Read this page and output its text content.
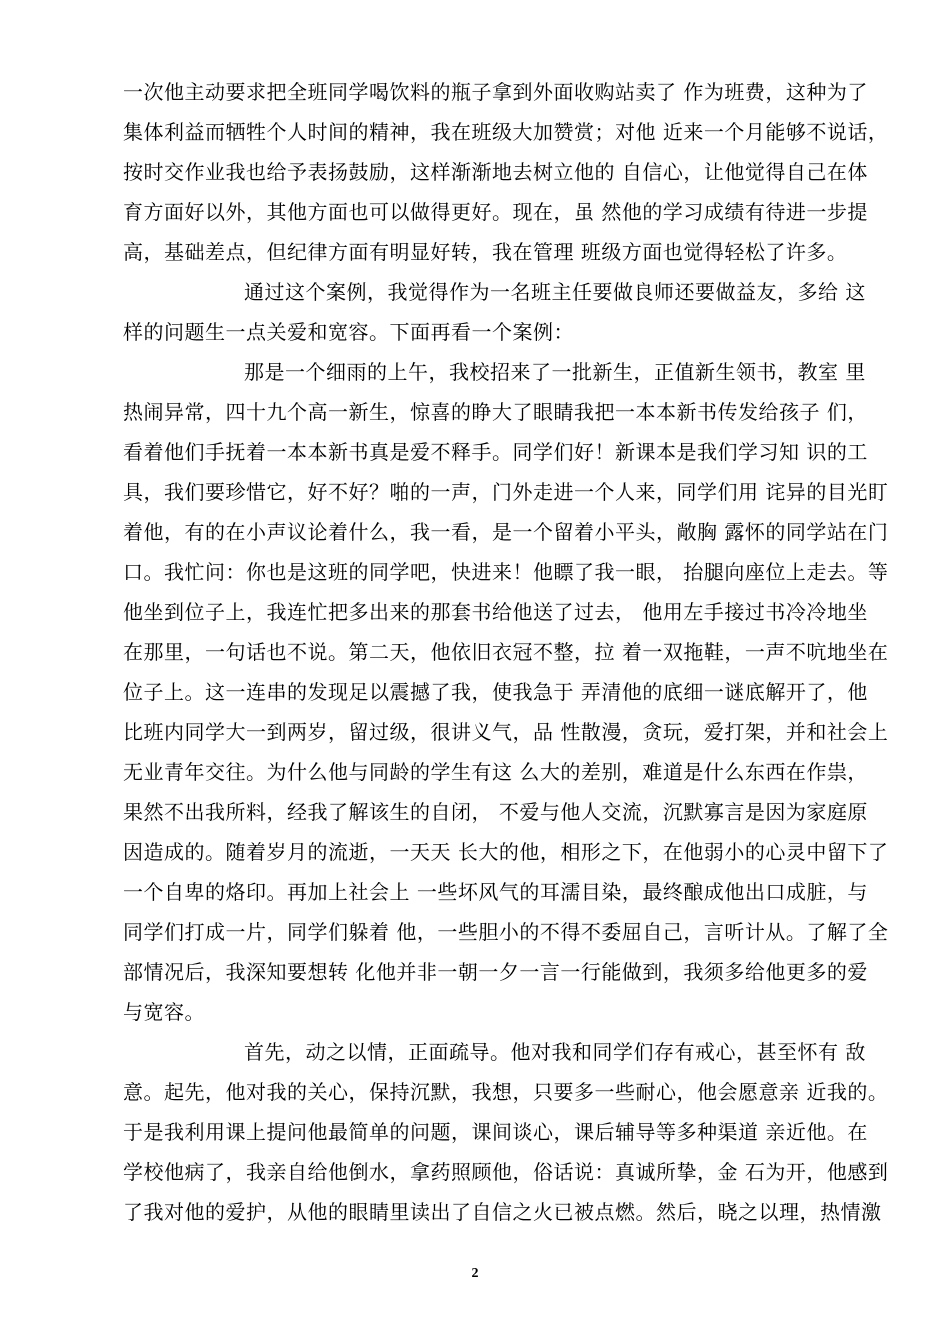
一次他主动要求把全班同学喝饮料的瓶子拿到外面收购站卖了 作为班费，这种为了
集体利益而牺牲个人时间的精神，我在班级大加赞赏；对他 近来一个月能够不说话，
按时交作业我也给予表扬鼓励，这样渐渐地去树立他的 自信心，让他觉得自己在体
育方面好以外，其他方面也可以做得更好。现在，虽 然他的学习成绩有待进一步提
高，基础差点，但纪律方面有明显好转，我在管理 班级方面也觉得轻松了许多。
通过这个案例，我觉得作为一名班主任要做良师还要做益友，多给 这
样的问题生一点关爱和宽容。下面再看一个案例：
那是一个细雨的上午，我校招来了一批新生，正值新生领书，教室 里
热闹异常，四十九个高一新生，惊喜的睁大了眼睛我把一本本新书传发给孩子 们，
看着他们手抚着一本本新书真是爱不释手。同学们好！新课本是我们学习知 识的工
具，我们要珍惜它，好不好？啪的一声，门外走进一个人来，同学们用 诧异的目光盯
着他，有的在小声议论着什么，我一看，是一个留着小平头，敞胸 露怀的同学站在门
口。我忙问：你也是这班的同学吧，快进来！他瞟了我一眼， 抬腿向座位上走去。等
他坐到位子上，我连忙把多出来的那套书给他送了过去， 他用左手接过书冷冷地坐
在那里，一句话也不说。第二天，他依旧衣冠不整，拉 着一双拖鞋，一声不吭地坐在
位子上。这一连串的发现足以震撼了我，使我急于 弄清他的底细一谜底解开了，他
比班内同学大一到两岁，留过级，很讲义气，品 性散漫，贪玩，爱打架，并和社会上
无业青年交往。为什么他与同龄的学生有这 么大的差别，难道是什么东西在作祟，
果然不出我所料，经我了解该生的自闭， 不爱与他人交流，沉默寡言是因为家庭原
因造成的。随着岁月的流逝，一天天 长大的他，相形之下，在他弱小的心灵中留下了
一个自卑的烙印。再加上社会上 一些坏风气的耳濡目染，最终酿成他出口成脏，与
同学们打成一片，同学们躲着 他，一些胆小的不得不委屈自己，言听计从。了解了全
部情况后，我深知要想转 化他并非一朝一夕一言一行能做到，我须多给他更多的爱
与宽容。
首先，动之以情，正面疏导。他对我和同学们存有戒心，甚至怀有 敌
意。起先，他对我的关心，保持沉默，我想，只要多一些耐心，他会愿意亲 近我的。
于是我利用课上提问他最简单的问题，课间谈心，课后辅导等多种渠道 亲近他。在
学校他病了，我亲自给他倒水，拿药照顾他，俗话说：真诚所挚，金 石为开，他感到
了我对他的爱护，从他的眼睛里读出了自信之火已被点燃。然后，晓之以理，热情激
2
